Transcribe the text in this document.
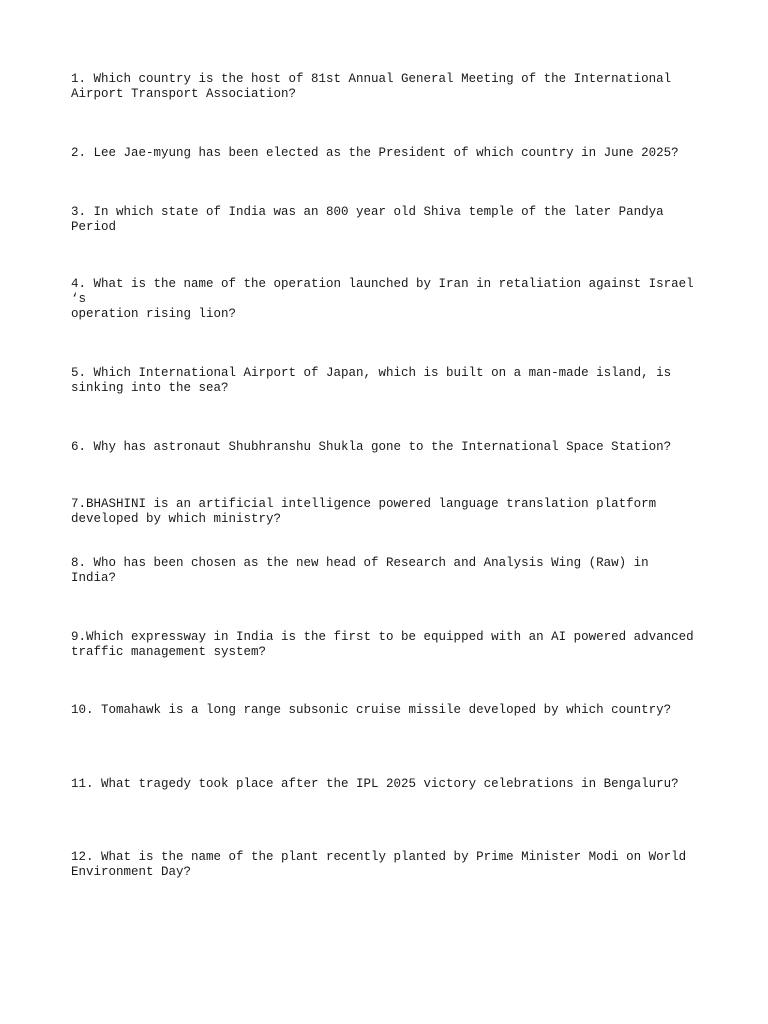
1. Which country is the host of 81st Annual General Meeting of the International
Airport Transport Association?

2. Lee Jae-myung has been elected as the President of which country in June 2025?

3. In which state of India was an 800 year old Shiva temple of the later Pandya
Period

4. What is the name of the operation launched by Iran in retaliation against Israel
‘s
operation rising lion?

5. Which International Airport of Japan, which is built on a man-made island, is
sinking into the sea?

6. Why has astronaut Shubhranshu Shukla gone to the International Space Station?

7.BHASHINI is an artificial intelligence powered language translation platform
developed by which ministry?

8. Who has been chosen as the new head of Research and Analysis Wing (Raw) in
India?

9.Which expressway in India is the first to be equipped with an AI powered advanced
traffic management system?

10. Tomahawk is a long range subsonic cruise missile developed by which country?

11. What tragedy took place after the IPL 2025 victory celebrations in Bengaluru?

12. What is the name of the plant recently planted by Prime Minister Modi on World
Environment Day?
